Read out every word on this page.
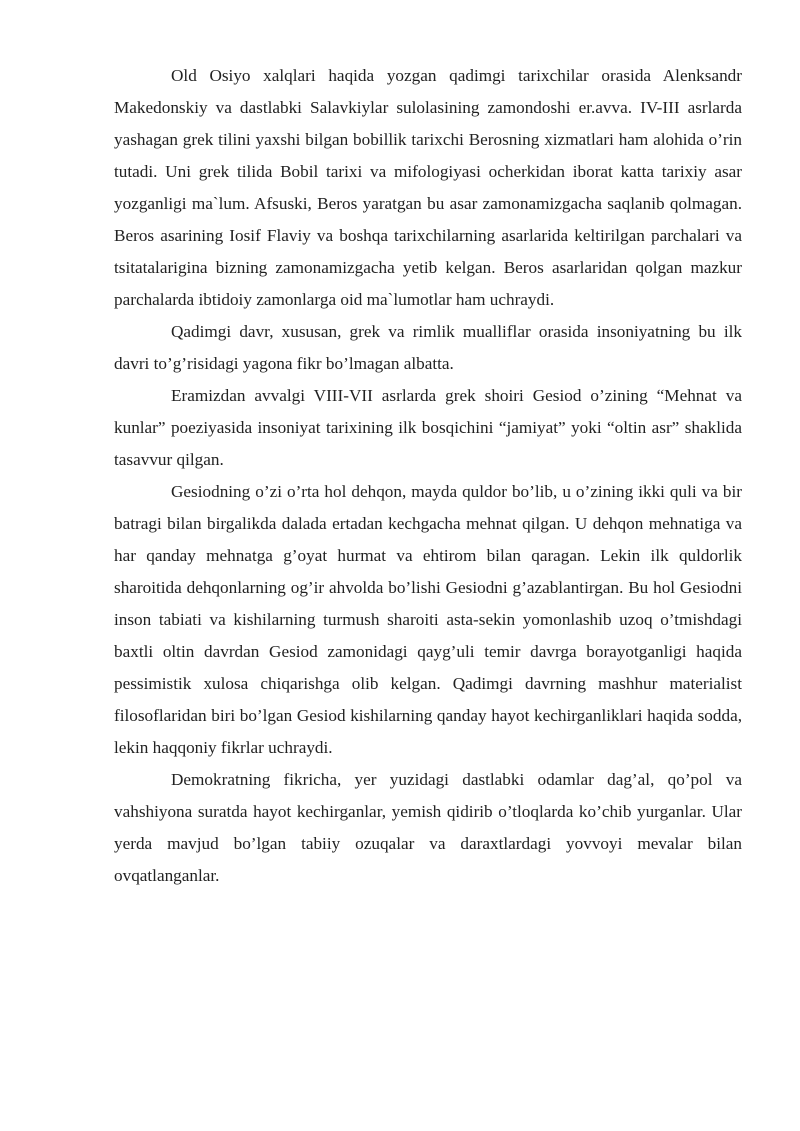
Old Osiyo xalqlari haqida yozgan qadimgi tarixchilar orasida Alenksandr Makedonskiy va dastlabki Salavkiylar sulolasining zamondoshi er.avva. IV-III asrlarda yashagan grek tilini yaxshi bilgan bobillik tarixchi Berosning xizmatlari ham alohida o’rin tutadi. Uni grek tilida Bobil tarixi va mifologiyasi ocherkidan iborat katta tarixiy asar yozganligi ma`lum. Afsuski, Beros yaratgan bu asar zamonamizgacha saqlanib qolmagan. Beros asarining Iosif Flaviy va boshqa tarixchilarning asarlarida keltirilgan parchalari va tsitatalarigina bizning zamonamizgacha yetib kelgan. Beros asarlaridan qolgan mazkur parchalarda ibtidoiy zamonlarga oid ma`lumotlar ham uchraydi.

Qadimgi davr, xususan, grek va rimlik mualliflar orasida insoniyatning bu ilk davri to’g’risidagi yagona fikr bo’lmagan albatta.

Eramizdan avvalgi VIII-VII asrlarda grek shoiri Gesiod o’zining “Mehnat va kunlar” poeziyasida insoniyat tarixining ilk bosqichini “jamiyat” yoki “oltin asr” shaklida tasavvur qilgan.

Gesiodning o’zi o’rta hol dehqon, mayda quldor bo’lib, u o’zining ikki quli va bir batragi bilan birgalikda dalada ertadan kechgacha mehnat qilgan. U dehqon mehnatiga va har qanday mehnatga g’oyat hurmat va ehtirom bilan qaragan. Lekin ilk quldorlik sharoitida dehqonlarning og’ir ahvolda bo’lishi Gesiodni g’azablantirgan. Bu hol Gesiodni inson tabiati va kishilarning turmush sharoiti asta-sekin yomonlashib uzoq o’tmishdagi baxtli oltin davrdan Gesiod zamonidagi qayg’uli temir davrga borayotganligi haqida pessimistik xulosa chiqarishga olib kelgan. Qadimgi davrning mashhur materialist filosoflaridan biri bo’lgan Gesiod kishilarning qanday hayot kechirganliklari haqida sodda, lekin haqqoniy fikrlar uchraydi.

Demokratning fikricha, yer yuzidagi dastlabki odamlar dag’al, qo’pol va vahshiyona suratda hayot kechirganlar, yemish qidirib o’tloqlarda ko’chib yurganlar. Ular yerda mavjud bo’lgan tabiiy ozuqalar va daraxtlardagi yovvoyi mevalar bilan ovqatlanganlar.
